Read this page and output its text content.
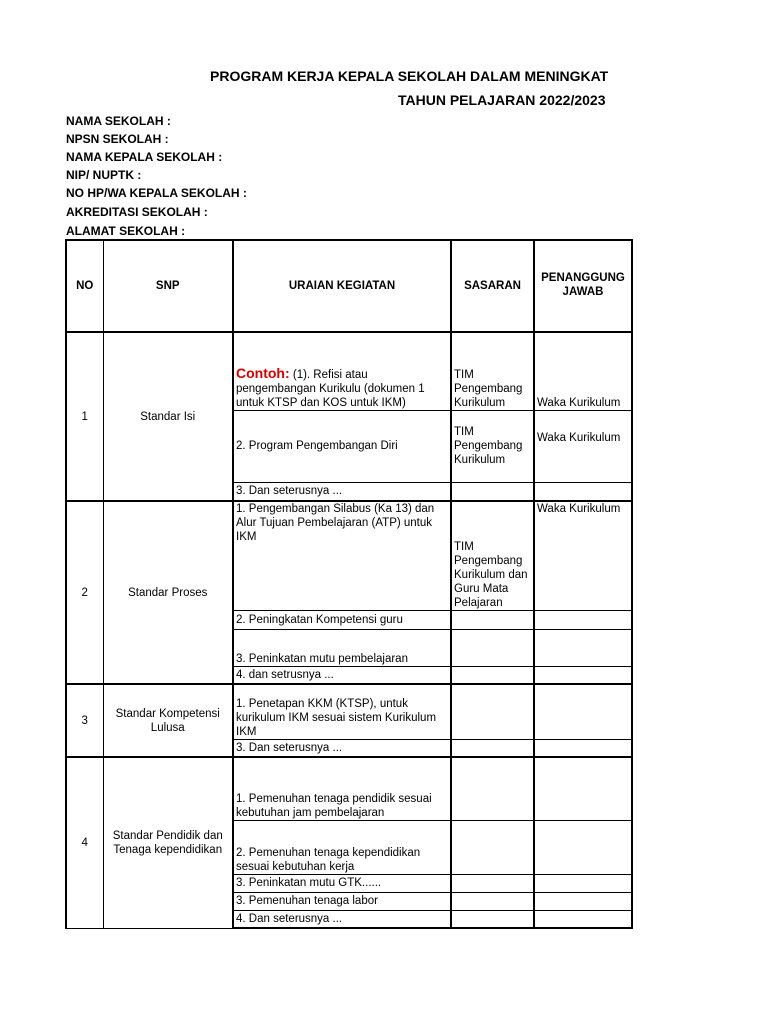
PROGRAM KERJA KEPALA SEKOLAH DALAM MENINGKAT
TAHUN PELAJARAN 2022/2023
NAMA SEKOLAH :
NPSN SEKOLAH :
NAMA KEPALA SEKOLAH :
NIP/ NUPTK :
NO HP/WA KEPALA SEKOLAH :
AKREDITASI SEKOLAH :
ALAMAT SEKOLAH :
NO	SNP	URAIAN KEGIATAN	SASARAN	PENANGGUNG JAWAB
1	Standar Isi	Contoh: (1). Refisi atau pengembangan Kurikulu (dokumen 1 untuk KTSP dan KOS untuk IKM)	TIM Pengembang Kurikulum	Waka Kurikulum
		2. Program Pengembangan Diri	TIM Pengembang Kurikulum	Waka Kurikulum
		3. Dan seterusnya ...		
2	Standar Proses	1. Pengembangan Silabus (Ka 13) dan Alur Tujuan Pembelajaran (ATP) untuk IKM	TIM Pengembang Kurikulum dan Guru Mata Pelajaran	Waka Kurikulum
		2. Peningkatan Kompetensi guru		
		3. Peninkatan mutu pembelajaran		
		4. dan setrusnya ...		
3	Standar Kompetensi Lulusa	1. Penetapan KKM (KTSP), untuk kurikulum IKM sesuai sistem Kurikulum IKM		
		3. Dan seterusnya ...		
4	Standar Pendidik dan Tenaga kependidikan	1. Pemenuhan tenaga pendidik sesuai kebutuhan jam pembelajaran		
		2. Pemenuhan tenaga kependidikan sesuai kebutuhan kerja		
		3. Peninkatan mutu GTK......		
		3. Pemenuhan tenaga labor		
		4. Dan seterusnya ...		
